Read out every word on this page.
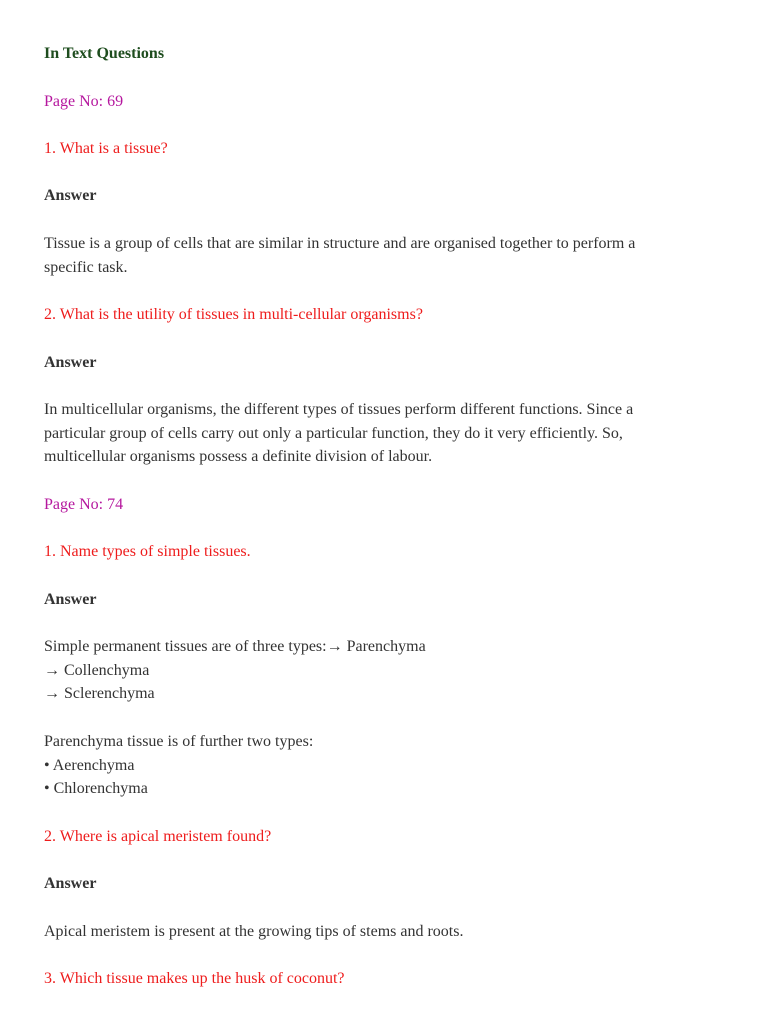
In Text Questions
Page No: 69
1. What is a tissue?
Answer
Tissue is a group of cells that are similar in structure and are organised together to perform a
specific task.
2. What is the utility of tissues in multi-cellular organisms?
Answer
In multicellular organisms, the different types of tissues perform different functions. Since a
particular group of cells carry out only a particular function, they do it very efficiently. So,
multicellular organisms possess a definite division of labour.
Page No: 74
1. Name types of simple tissues.
Answer
Simple permanent tissues are of three types:→ Parenchyma
→ Collenchyma
→ Sclerenchyma
Parenchyma tissue is of further two types:
• Aerenchyma
• Chlorenchyma
2. Where is apical meristem found?
Answer
Apical meristem is present at the growing tips of stems and roots.
3. Which tissue makes up the husk of coconut?
